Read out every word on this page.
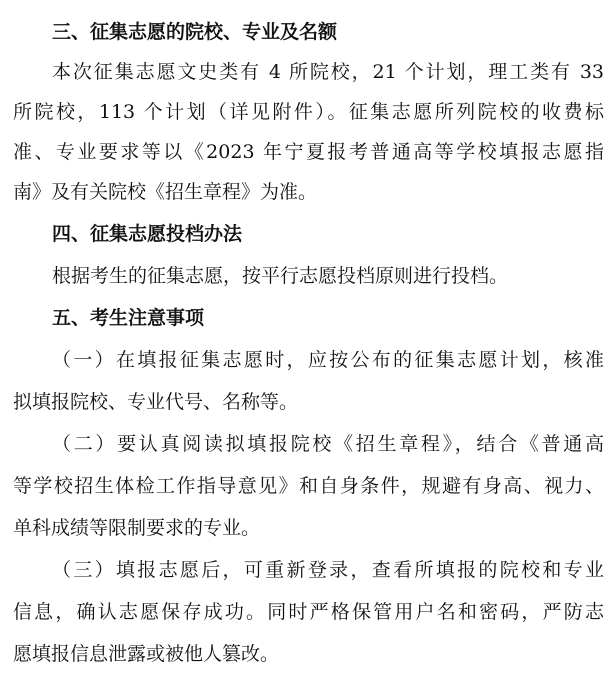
三、征集志愿的院校、专业及名额
本次征集志愿文史类有 4 所院校，21 个计划，理工类有 33
所院校，113 个计划（详见附件）。征集志愿所列院校的收费标
准、专业要求等以《2023 年宁夏报考普通高等学校填报志愿指
南》及有关院校《招生章程》为准。
四、征集志愿投档办法
根据考生的征集志愿，按平行志愿投档原则进行投档。
五、考生注意事项
（一）在填报征集志愿时，应按公布的征集志愿计划，核准
拟填报院校、专业代号、名称等。
（二）要认真阅读拟填报院校《招生章程》，结合《普通高
等学校招生体检工作指导意见》和自身条件，规避有身高、视力、
单科成绩等限制要求的专业。
（三）填报志愿后，可重新登录，查看所填报的院校和专业
信息，确认志愿保存成功。同时严格保管用户名和密码，严防志
愿填报信息泄露或被他人篡改。
